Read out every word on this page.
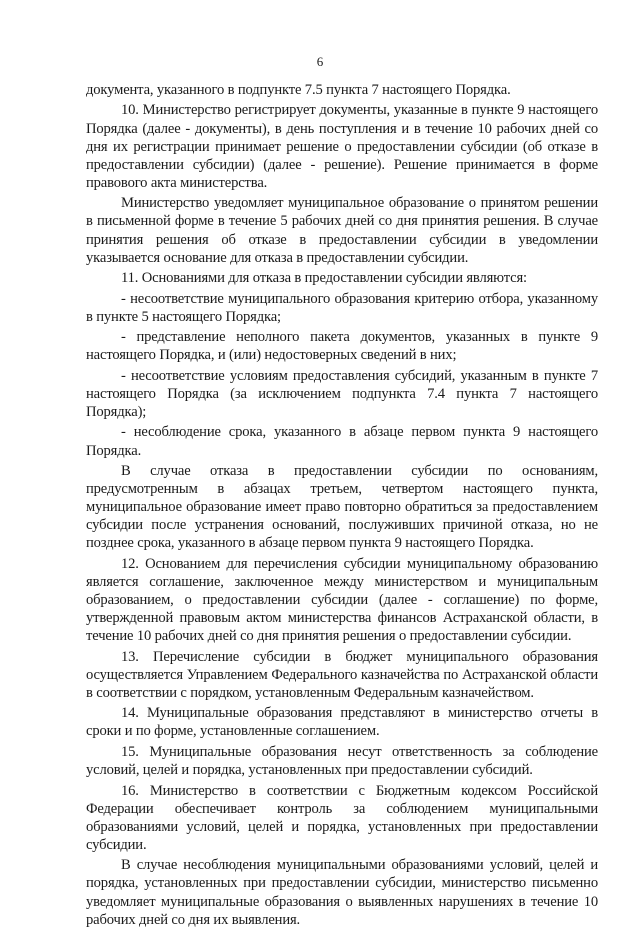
6

документа, указанного в подпункте 7.5 пункта 7 настоящего Порядка.

10. Министерство регистрирует документы, указанные в пункте 9 настоящего Порядка (далее - документы), в день поступления и в течение 10 рабочих дней со дня их регистрации принимает решение о предоставлении субсидии (об отказе в предоставлении субсидии) (далее - решение). Решение принимается в форме правового акта министерства.

Министерство уведомляет муниципальное образование о принятом решении в письменной форме в течение 5 рабочих дней со дня принятия решения. В случае принятия решения об отказе в предоставлении субсидии в уведомлении указывается основание для отказа в предоставлении субсидии.

11. Основаниями для отказа в предоставлении субсидии являются:

- несоответствие муниципального образования критерию отбора, указанному в пункте 5 настоящего Порядка;

- представление неполного пакета документов, указанных в пункте 9 настоящего Порядка, и (или) недостоверных сведений в них;

- несоответствие условиям предоставления субсидий, указанным в пункте 7 настоящего Порядка (за исключением подпункта 7.4 пункта 7 настоящего Порядка);

- несоблюдение срока, указанного в абзаце первом пункта 9 настоящего Порядка.

В случае отказа в предоставлении субсидии по основаниям, предусмотренным в абзацах третьем, четвертом настоящего пункта, муниципальное образование имеет право повторно обратиться за предоставлением субсидии после устранения оснований, послуживших причиной отказа, но не позднее срока, указанного в абзаце первом пункта 9 настоящего Порядка.

12. Основанием для перечисления субсидии муниципальному образованию является соглашение, заключенное между министерством и муниципальным образованием, о предоставлении субсидии (далее - соглашение) по форме, утвержденной правовым актом министерства финансов Астраханской области, в течение 10 рабочих дней со дня принятия решения о предоставлении субсидии.

13. Перечисление субсидии в бюджет муниципального образования осуществляется Управлением Федерального казначейства по Астраханской области в соответствии с порядком, установленным Федеральным казначейством.

14. Муниципальные образования представляют в министерство отчеты в сроки и по форме, установленные соглашением.

15. Муниципальные образования несут ответственность за соблюдение условий, целей и порядка, установленных при предоставлении субсидий.

16. Министерство в соответствии с Бюджетным кодексом Российской Федерации обеспечивает контроль за соблюдением муниципальными образованиями условий, целей и порядка, установленных при предоставлении субсидии.

В случае несоблюдения муниципальными образованиями условий, целей и порядка, установленных при предоставлении субсидии, министерство письменно уведомляет муниципальные образования о выявленных нарушениях в течение 10 рабочих дней со дня их выявления.
